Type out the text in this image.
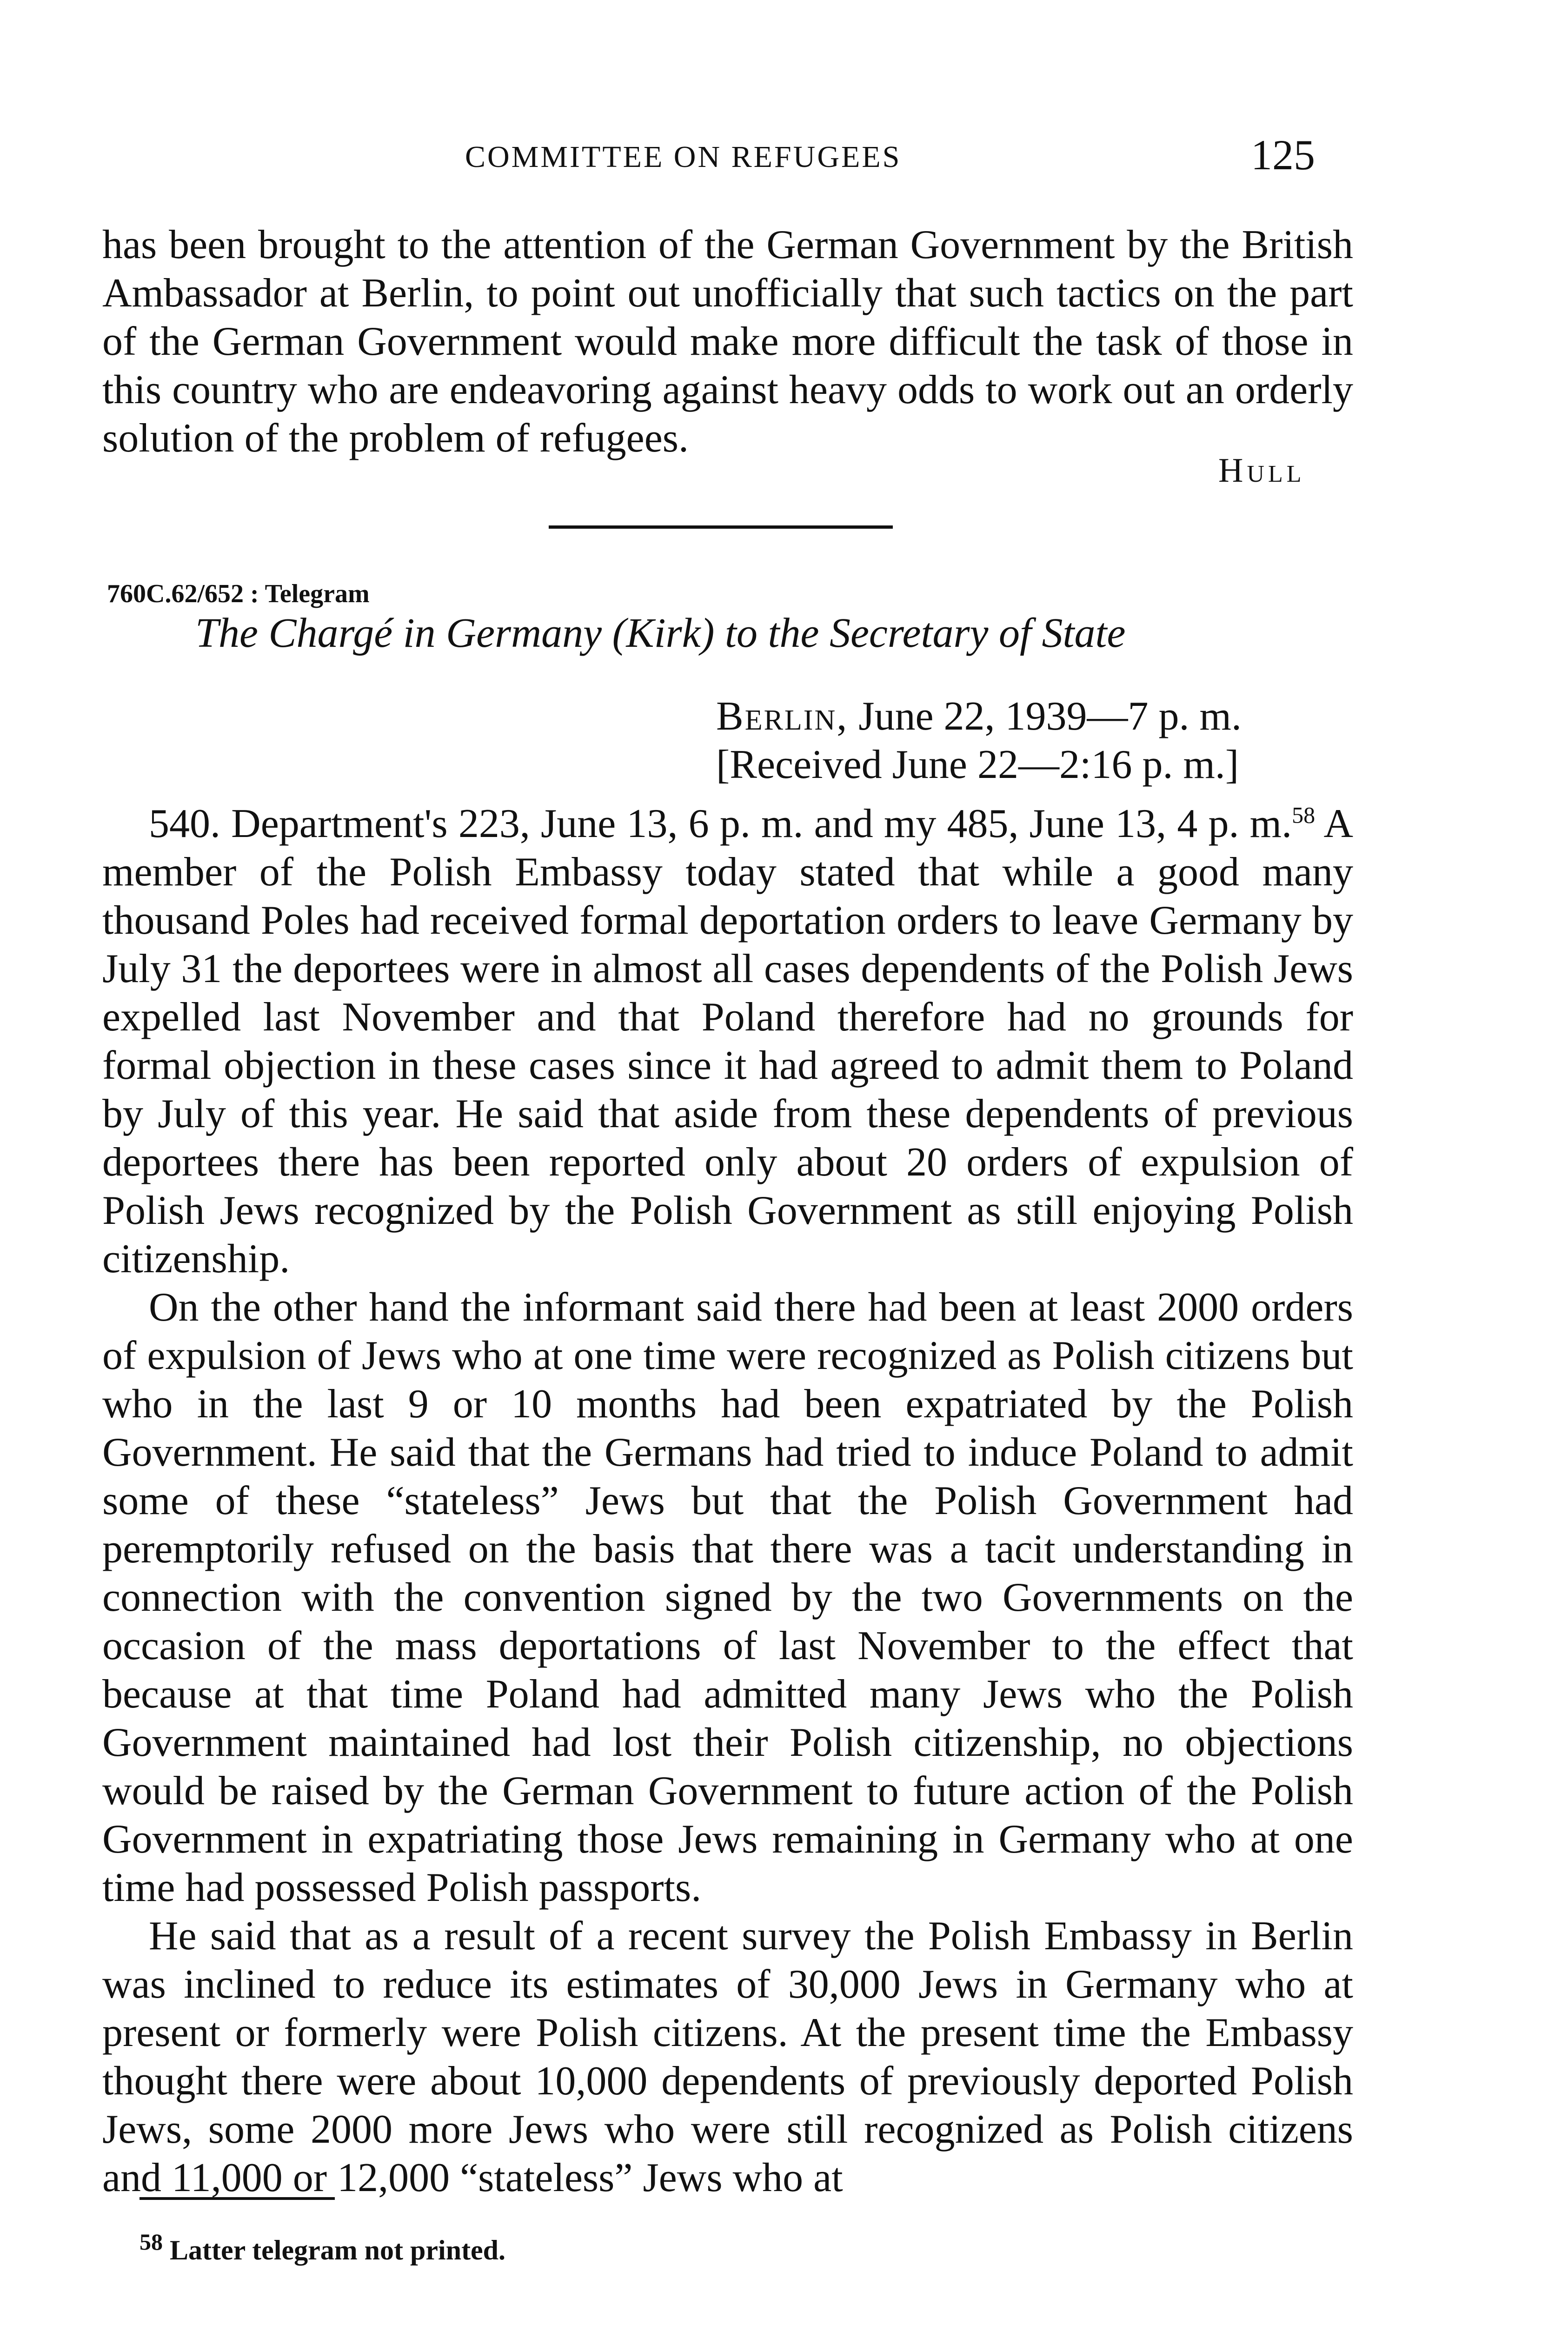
COMMITTEE ON REFUGEES	125

has been brought to the attention of the German Government by the British Ambassador at Berlin, to point out unofficially that such tactics on the part of the German Government would make more difficult the task of those in this country who are endeavoring against heavy odds to work out an orderly solution of the problem of refugees.

Hull
760C.62/652 : Telegram
The Chargé in Germany (Kirk) to the Secretary of State
Berlin, June 22, 1939—7 p. m.
[Received June 22—2:16 p. m.]

540. Department's 223, June 13, 6 p. m. and my 485, June 13, 4 p. m.$^{58}$ A member of the Polish Embassy today stated that while a good many thousand Poles had received formal deportation orders to leave Germany by July 31 the deportees were in almost all cases dependents of the Polish Jews expelled last November and that Poland therefore had no grounds for formal objection in these cases since it had agreed to admit them to Poland by July of this year. He said that aside from these dependents of previous deportees there has been reported only about 20 orders of expulsion of Polish Jews recognized by the Polish Government as still enjoying Polish citizenship.

On the other hand the informant said there had been at least 2000 orders of expulsion of Jews who at one time were recognized as Polish citizens but who in the last 9 or 10 months had been expatriated by the Polish Government. He said that the Germans had tried to induce Poland to admit some of these “stateless” Jews but that the Polish Government had peremptorily refused on the basis that there was a tacit understanding in connection with the convention signed by the two Governments on the occasion of the mass deportations of last November to the effect that because at that time Poland had admitted many Jews who the Polish Government maintained had lost their Polish citizenship, no objections would be raised by the German Government to future action of the Polish Government in expatriating those Jews remaining in Germany who at one time had possessed Polish passports.

He said that as a result of a recent survey the Polish Embassy in Berlin was inclined to reduce its estimates of 30,000 Jews in Germany who at present or formerly were Polish citizens. At the present time the Embassy thought there were about 10,000 dependents of previously deported Polish Jews, some 2000 more Jews who were still recognized as Polish citizens and 11,000 or 12,000 “stateless” Jews who at

$^{58}$ Latter telegram not printed.
